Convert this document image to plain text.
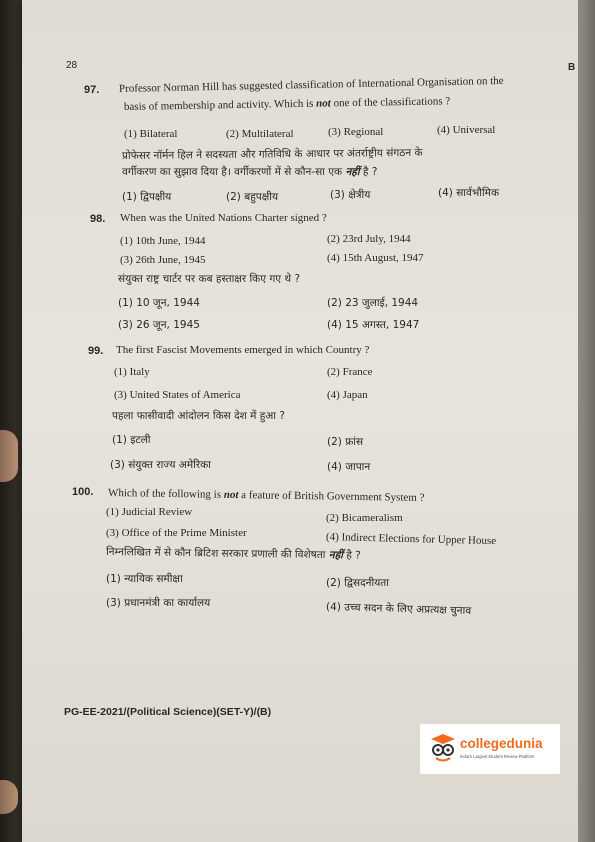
28	B
97. Professor Norman Hill has suggested classification of International Organisation on the
basis of membership and activity. Which is not one of the classifications ?
(1) Bilateral	(2) Multilateral	(3) Regional	(4) Universal
प्रोफेसर नॉर्मन हिल ने सदस्यता और गतिविधि के आधार पर अंतर्राष्ट्रीय संगठन के
वर्गीकरण का सुझाव दिया है। वर्गीकरणों में से कौन-सा एक नहीं है ?
(1) द्विपक्षीय	(2) बहुपक्षीय	(3) क्षेत्रीय	(4) सार्वभौमिक
98. When was the United Nations Charter signed ?
(1) 10th June, 1944	(2) 23rd July, 1944
(3) 26th June, 1945	(4) 15th August, 1947
संयुक्त राष्ट्र चार्टर पर कब हस्ताक्षर किए गए थे ?
(1) 10 जून, 1944	(2) 23 जुलाई, 1944
(3) 26 जून, 1945	(4) 15 अगस्त, 1947
99. The first Fascist Movements emerged in which Country ?
(1) Italy	(2) France
(3) United States of America	(4) Japan
पहला फासीवादी आंदोलन किस देश में हुआ ?
(1) इटली	(2) फ्रांस
(3) संयुक्त राज्य अमेरिका	(4) जापान
100. Which of the following is not a feature of British Government System ?
(1) Judicial Review	(2) Bicameralism
(3) Office of the Prime Minister	(4) Indirect Elections for Upper House
निम्नलिखित में से कौन ब्रिटिश सरकार प्रणाली की विशेषता नहीं है ?
(1) न्यायिक समीक्षा	(2) द्विसदनीयता
(3) प्रधानमंत्री का कार्यालय	(4) उच्च सदन के लिए अप्रत्यक्ष चुनाव
PG-EE-2021/(Political Science)(SET-Y)/(B)
collegedunia
India's Largest Student Review Platform
